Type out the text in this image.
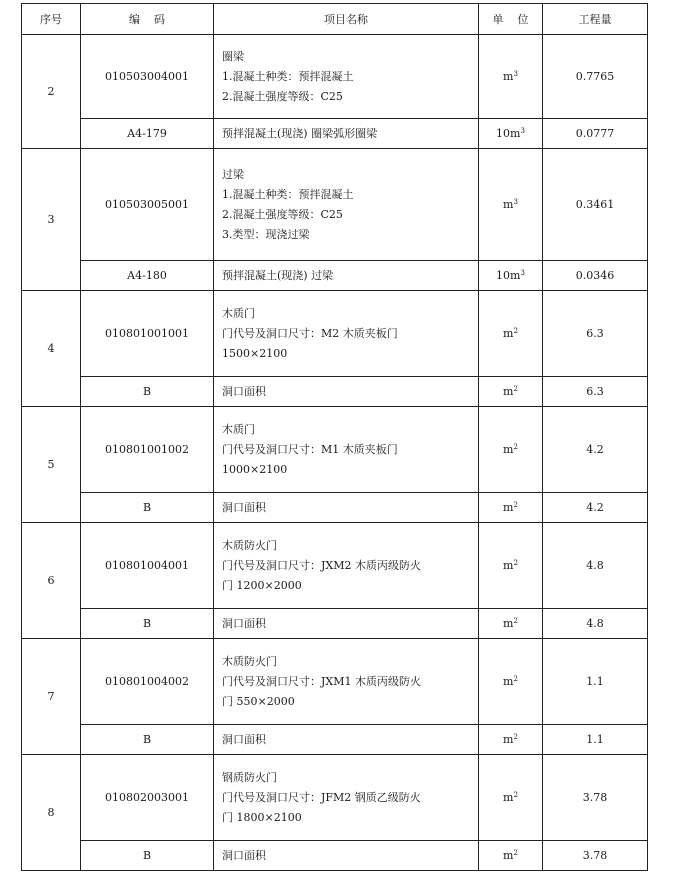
序号	编    码	项目名称	单    位	工程量
2	010503004001	圈梁
1.混凝土种类：预拌混凝土
2.混凝土强度等级：C25	$m^3$	0.7765
	A4-179	预拌混凝土(现浇) 圈梁弧形圈梁	$10m^3$	0.0777
3	010503005001	过梁
1.混凝土种类：预拌混凝土
2.混凝土强度等级：C25
3.类型：现浇过梁	$m^3$	0.3461
	A4-180	预拌混凝土(现浇) 过梁	$10m^3$	0.0346
4	010801001001	木质门
门代号及洞口尺寸：M2 木质夹板门
1500×2100	$m^2$	6.3
	B	洞口面积	$m^2$	6.3
5	010801001002	木质门
门代号及洞口尺寸：M1 木质夹板门
1000×2100	$m^2$	4.2
	B	洞口面积	$m^2$	4.2
6	010801004001	木质防火门
门代号及洞口尺寸：JXM2 木质丙级防火
门 1200×2000	$m^2$	4.8
	B	洞口面积	$m^2$	4.8
7	010801004002	木质防火门
门代号及洞口尺寸：JXM1 木质丙级防火
门 550×2000	$m^2$	1.1
	B	洞口面积	$m^2$	1.1
8	010802003001	钢质防火门
门代号及洞口尺寸：JFM2 钢质乙级防火
门 1800×2100	$m^2$	3.78
	B	洞口面积	$m^2$	3.78
